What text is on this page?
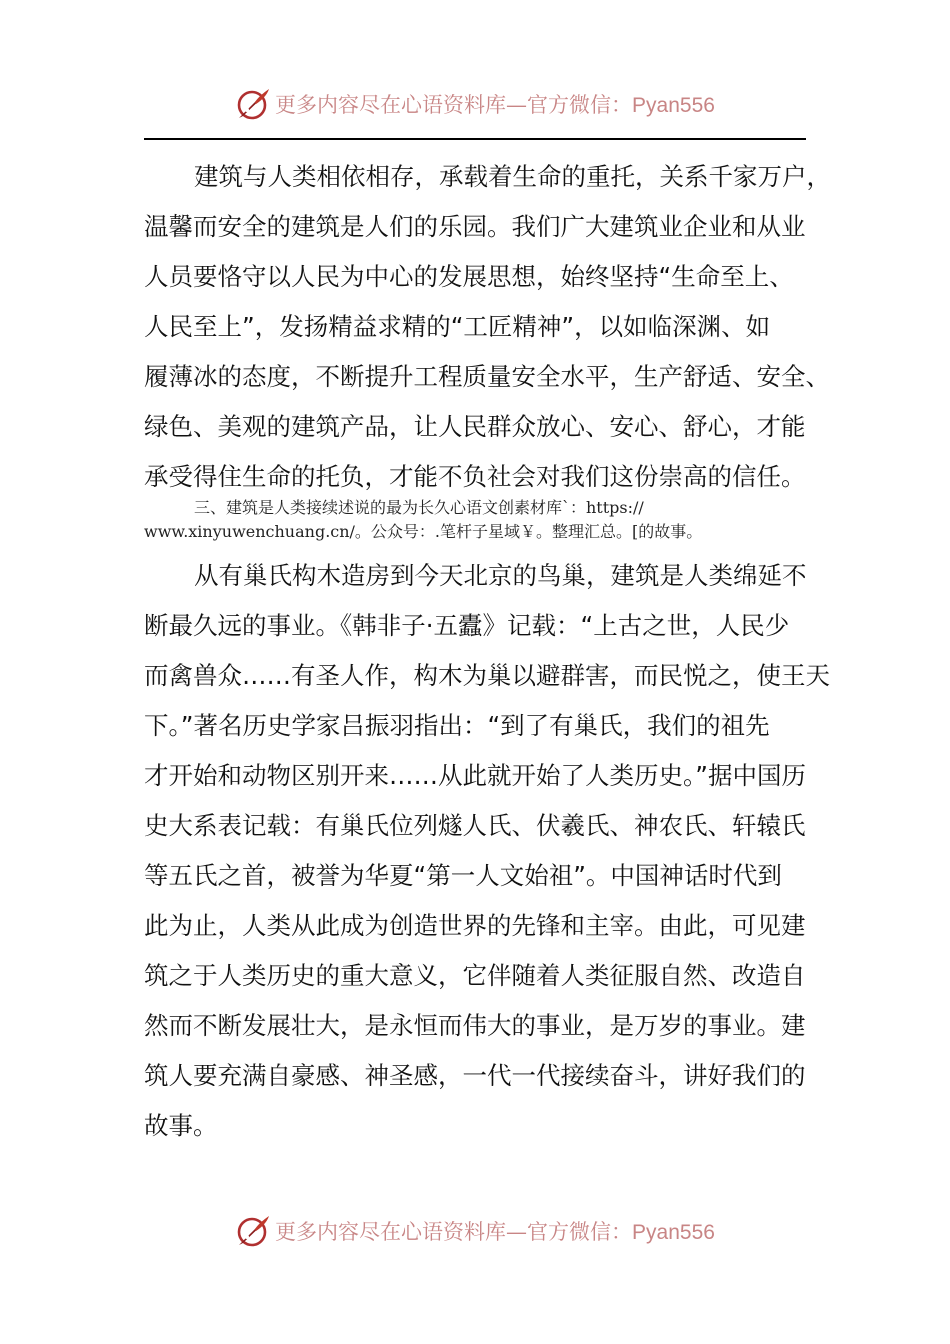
更多内容尽在心语资料库—官方微信：Pyan556
建筑与人类相依相存，承载着生命的重托，关系千家万户，
温馨而安全的建筑是人们的乐园。我们广大建筑业企业和从业
人员要恪守以人民为中心的发展思想，始终坚持“生命至上、
人民至上”，发扬精益求精的“工匠精神”，以如临深渊、如
履薄冰的态度，不断提升工程质量安全水平，生产舒适、安全、
绿色、美观的建筑产品，让人民群众放心、安心、舒心，才能
承受得住生命的托负，才能不负社会对我们这份崇高的信任。
三、建筑是人类接续述说的最为长久心语文创素材库`：https://
www.xinyuwenchuang.cn/。公众号：.笔杆子星域￥。整理汇总。[的故事。
从有巢氏构木造房到今天北京的鸟巢，建筑是人类绵延不
断最久远的事业。《韩非子·五蠹》记载：“上古之世，人民少
而禽兽众……有圣人作，构木为巢以避群害，而民悦之，使王天
下。”著名历史学家吕振羽指出：“到了有巢氏，我们的祖先
才开始和动物区别开来……从此就开始了人类历史。”据中国历
史大系表记载：有巢氏位列燧人氏、伏羲氏、神农氏、轩辕氏
等五氏之首，被誉为华夏“第一人文始祖”。中国神话时代到
此为止，人类从此成为创造世界的先锋和主宰。由此，可见建
筑之于人类历史的重大意义，它伴随着人类征服自然、改造自
然而不断发展壮大，是永恒而伟大的事业，是万岁的事业。建
筑人要充满自豪感、神圣感，一代一代接续奋斗，讲好我们的
故事。
更多内容尽在心语资料库—官方微信：Pyan556
